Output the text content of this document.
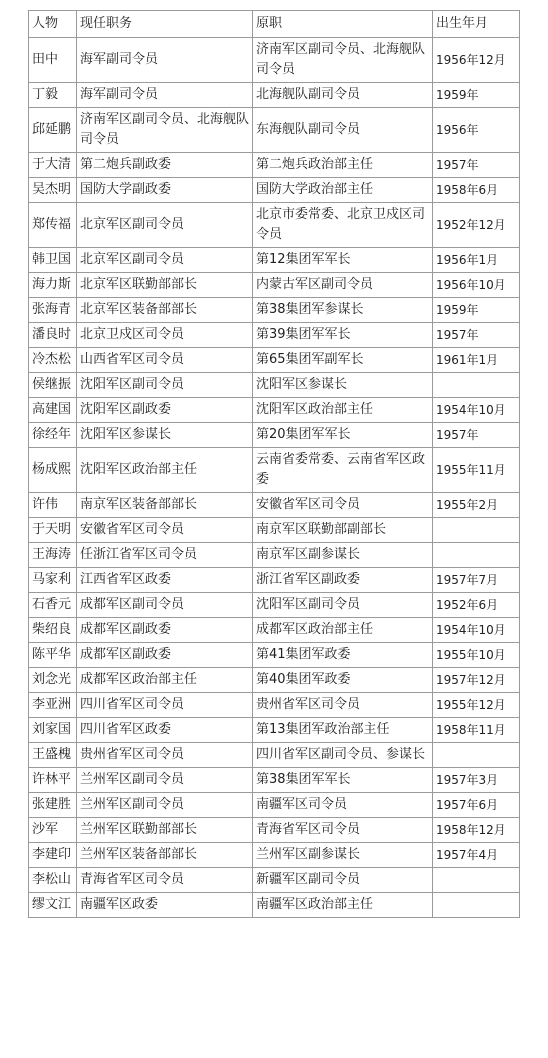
人物	现任职务	原职	出生年月
田中	海军副司令员	济南军区副司令员、北海舰队司令员	1956年12月
丁毅	海军副司令员	北海舰队副司令员	1959年
邱延鹏	济南军区副司令员、北海舰队司令员	东海舰队副司令员	1956年
于大清	第二炮兵副政委	第二炮兵政治部主任	1957年
吴杰明	国防大学副政委	国防大学政治部主任	1958年6月
郑传福	北京军区副司令员	北京市委常委、北京卫戍区司令员	1952年12月
韩卫国	北京军区副司令员	第12集团军军长	1956年1月
海力斯	北京军区联勤部部长	内蒙古军区副司令员	1956年10月
张海青	北京军区装备部部长	第38集团军参谋长	1959年
潘良时	北京卫戍区司令员	第39集团军军长	1957年
冷杰松	山西省军区司令员	第65集团军副军长	1961年1月
侯继振	沈阳军区副司令员	沈阳军区参谋长	
高建国	沈阳军区副政委	沈阳军区政治部主任	1954年10月
徐经年	沈阳军区参谋长	第20集团军军长	1957年
杨成熙	沈阳军区政治部主任	云南省委常委、云南省军区政委	1955年11月
许伟	南京军区装备部部长	安徽省军区司令员	1955年2月
于天明	安徽省军区司令员	南京军区联勤部副部长	
王海涛	任浙江省军区司令员	南京军区副参谋长	
马家利	江西省军区政委	浙江省军区副政委	1957年7月
石香元	成都军区副司令员	沈阳军区副司令员	1952年6月
柴绍良	成都军区副政委	成都军区政治部主任	1954年10月
陈平华	成都军区副政委	第41集团军政委	1955年10月
刘念光	成都军区政治部主任	第40集团军政委	1957年12月
李亚洲	四川省军区司令员	贵州省军区司令员	1955年12月
刘家国	四川省军区政委	第13集团军政治部主任	1958年11月
王盛槐	贵州省军区司令员	四川省军区副司令员、参谋长	
许林平	兰州军区副司令员	第38集团军军长	1957年3月
张建胜	兰州军区副司令员	南疆军区司令员	1957年6月
沙军	兰州军区联勤部部长	青海省军区司令员	1958年12月
李建印	兰州军区装备部部长	兰州军区副参谋长	1957年4月
李松山	青海省军区司令员	新疆军区副司令员	
缪文江	南疆军区政委	南疆军区政治部主任	
